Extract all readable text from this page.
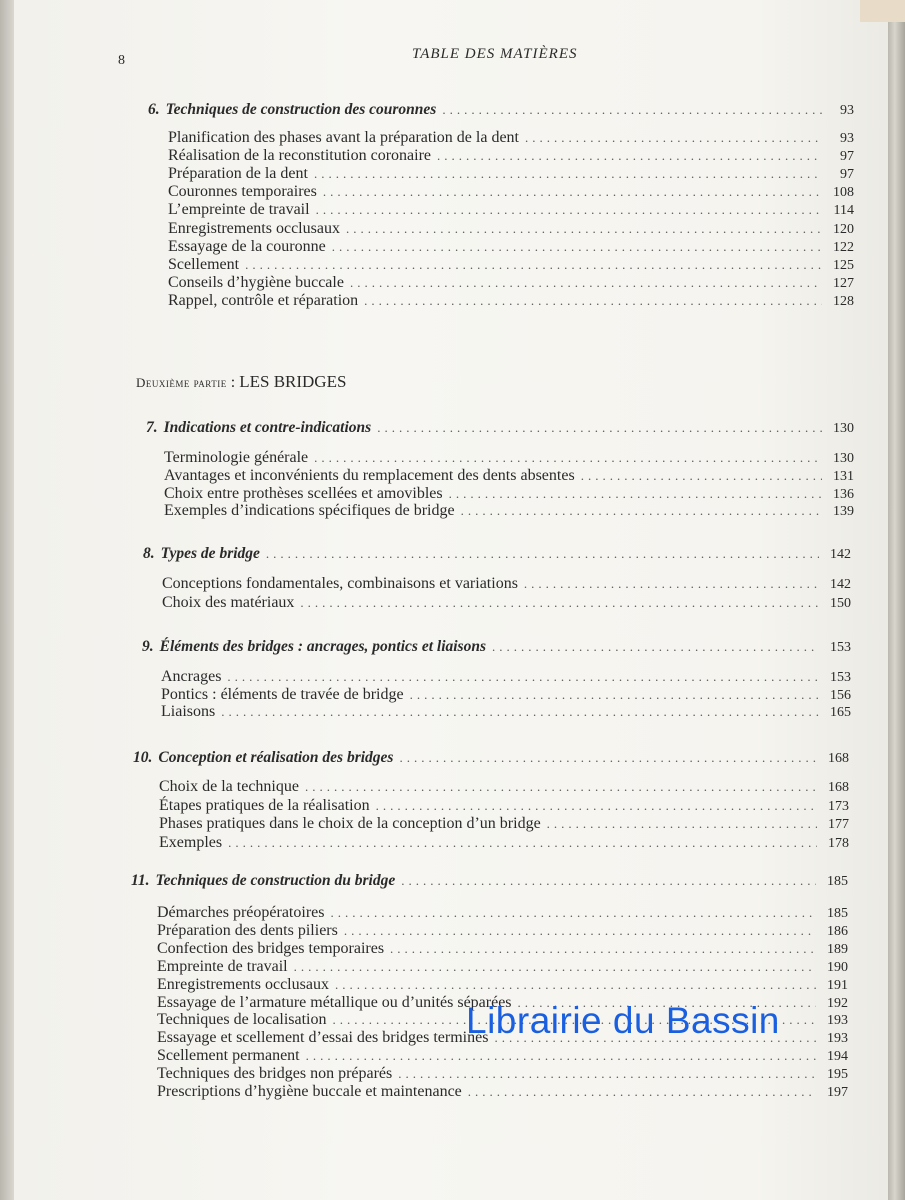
8	TABLE DES MATIÈRES
Deuxième partie : LES BRIDGES
6. Techniques de construction des couronnes .....	93
Planification des phases avant la préparation de la dent .....	93
Réalisation de la reconstitution coronaire .....	97
Préparation de la dent .....	97
Couronnes temporaires .....	108
L’empreinte de travail .....	114
Enregistrements occlusaux .....	120
Essayage de la couronne .....	122
Scellement .....	125
Conseils d’hygiène buccale .....	127
Rappel, contrôle et réparation .....	128
7. Indications et contre-indications .....	130
Terminologie générale .....	130
Avantages et inconvénients du remplacement des dents absentes .....	131
Choix entre prothèses scellées et amovibles .....	136
Exemples d’indications spécifiques de bridge .....	139
8. Types de bridge .....	142
Conceptions fondamentales, combinaisons et variations .....	142
Choix des matériaux .....	150
9. Éléments des bridges : ancrages, pontics et liaisons .....	153
Ancrages .....	153
Pontics : éléments de travée de bridge .....	156
Liaisons .....	165
10. Conception et réalisation des bridges .....	168
Choix de la technique .....	168
Étapes pratiques de la réalisation .....	173
Phases pratiques dans le choix de la conception d’un bridge .....	177
Exemples .....	178
11. Techniques de construction du bridge .....	185
Démarches préopératoires .....	185
Préparation des dents piliers .....	186
Confection des bridges temporaires .....	189
Empreinte de travail .....	190
Enregistrements occlusaux .....	191
Essayage de l’armature métallique ou d’unités séparées .....	192
Techniques de localisation .....	193
Essayage et scellement d’essai des bridges terminés .....	193
Scellement permanent .....	194
Techniques des bridges non préparés .....	195
Prescriptions d’hygiène buccale et maintenance .....	197
Librairie du Bassin
